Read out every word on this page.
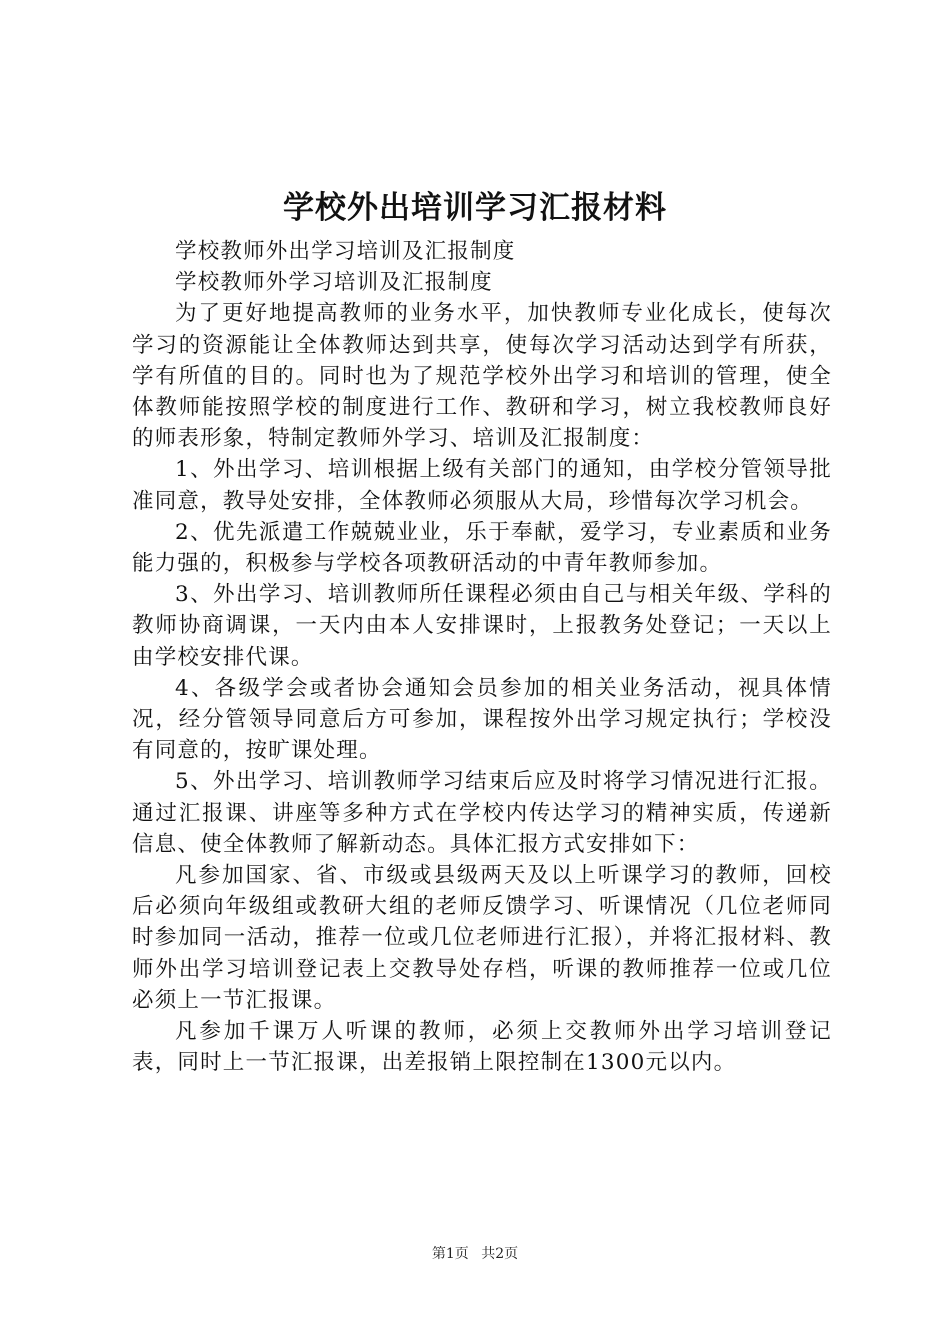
学校外出培训学习汇报材料

学校教师外出学习培训及汇报制度

学校教师外学习培训及汇报制度

为了更好地提高教师的业务水平，加快教师专业化成长，使每次学习的资源能让全体教师达到共享，使每次学习活动达到学有所获，学有所值的目的。同时也为了规范学校外出学习和培训的管理，使全体教师能按照学校的制度进行工作、教研和学习，树立我校教师良好的师表形象，特制定教师外学习、培训及汇报制度：

1、外出学习、培训根据上级有关部门的通知，由学校分管领导批准同意，教导处安排，全体教师必须服从大局，珍惜每次学习机会。

2、优先派遣工作兢兢业业，乐于奉献，爱学习，专业素质和业务能力强的，积极参与学校各项教研活动的中青年教师参加。

3、外出学习、培训教师所任课程必须由自己与相关年级、学科的教师协商调课，一天内由本人安排课时，上报教务处登记；一天以上由学校安排代课。

4、各级学会或者协会通知会员参加的相关业务活动，视具体情况，经分管领导同意后方可参加，课程按外出学习规定执行；学校没有同意的，按旷课处理。

5、外出学习、培训教师学习结束后应及时将学习情况进行汇报。通过汇报课、讲座等多种方式在学校内传达学习的精神实质，传递新信息、使全体教师了解新动态。具体汇报方式安排如下：

凡参加国家、省、市级或县级两天及以上听课学习的教师，回校后必须向年级组或教研大组的老师反馈学习、听课情况（几位老师同时参加同一活动，推荐一位或几位老师进行汇报），并将汇报材料、教师外出学习培训登记表上交教导处存档，听课的教师推荐一位或几位必须上一节汇报课。

凡参加千课万人听课的教师，必须上交教师外出学习培训登记表，同时上一节汇报课，出差报销上限控制在1300元以内。

第1页 共2页
